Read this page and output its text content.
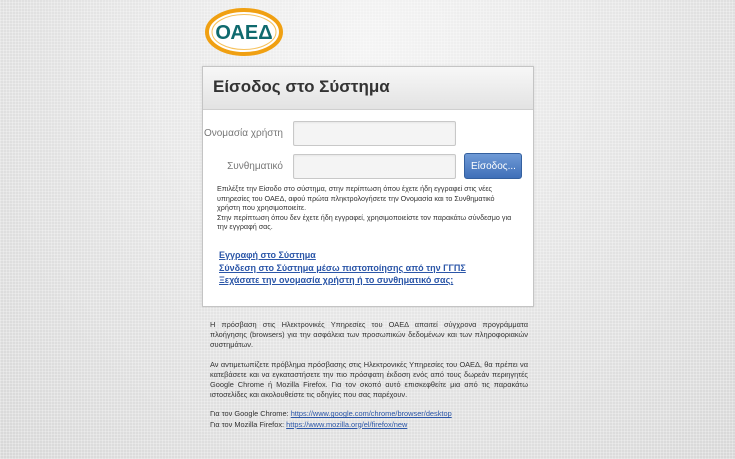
ΟΑΕΔ
Είσοδος στο Σύστημα
Ονομασία χρήστη
Συνθηματικό	Είσοδος...
Επιλέξτε την Είσοδο στο σύστημα, στην περίπτωση όπου έχετε ήδη εγγραφεί στις νέες υπηρεσίες του ΟΑΕΔ, αφού πρώτα πληκτρολογήσετε την Ονομασία και το Συνθηματικό χρήστη που χρησιμοποιείτε.
Στην περίπτωση όπου δεν έχετε ήδη εγγραφεί, χρησιμοποιείστε τον παρακάτω σύνδεσμο για την εγγραφή σας.
Εγγραφή στο Σύστημα
Σύνδεση στο Σύστημα μέσω πιστοποίησης από την ΓΓΠΣ
Ξεχάσατε την ονομασία χρήστη ή το συνθηματικό σας;

Η πρόσβαση στις Ηλεκτρονικές Υπηρεσίες του ΟΑΕΔ απαιτεί σύγχρονα προγράμματα πλοήγησης (browsers) για την ασφάλεια των προσωπικών δεδομένων και των πληροφοριακών συστημάτων.

Αν αντιμετωπίζετε πρόβλημα πρόσβασης στις Ηλεκτρονικές Υπηρεσίες του ΟΑΕΔ, θα πρέπει να κατεβάσετε και να εγκαταστήσετε την πιο πρόσφατη έκδοση ενός από τους δωρεάν περιηγητές Google Chrome ή Mozilla Firefox. Για τον σκοπό αυτό επισκεφθείτε μια από τις παρακάτω ιστοσελίδες και ακολουθείστε τις οδηγίες που σας παρέχουν.

Για τον Google Chrome: https://www.google.com/chrome/browser/desktop
Για τον Mozilla Firefox: https://www.mozilla.org/el/firefox/new
